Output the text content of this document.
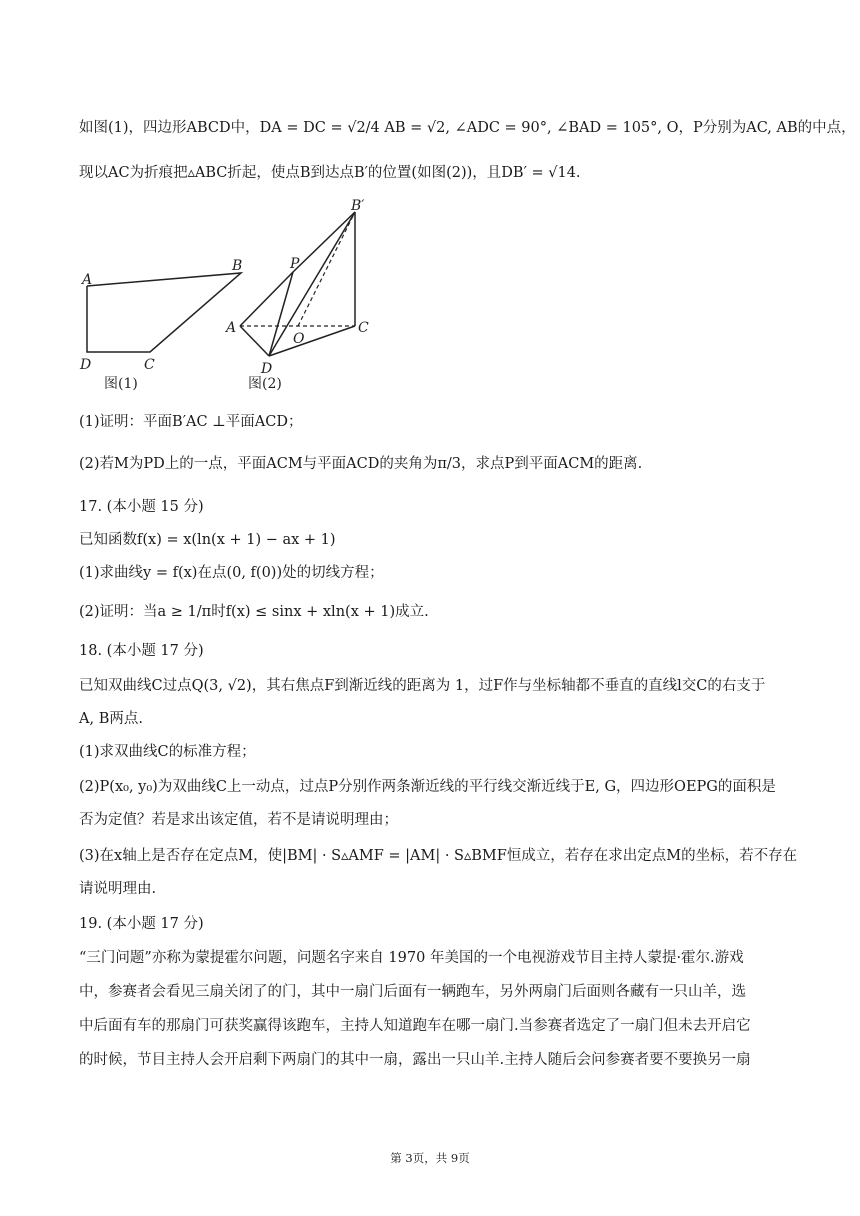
如图(1)，四边形ABCD中，DA = DC = √2/4 AB = √2, ∠ADC = 90°, ∠BAD = 105°, O，P分别为AC, AB的中点，
现以AC为折痕把▵ABC折起，使点B到达点B′的位置(如图(2))，且DB′ = √14.
A
B
C
D
B′
P
A
O
C
D
图(1)	图(2)
(1)证明：平面B′AC ⊥平面ACD；
(2)若M为PD上的一点，平面ACM与平面ACD的夹角为π/3，求点P到平面ACM的距离.
17. (本小题 15 分)
已知函数f(x) = x(ln(x + 1) − ax + 1)
(1)求曲线y = f(x)在点(0, f(0))处的切线方程；
(2)证明：当a ≥ 1/π时f(x) ≤ sinx + xln(x + 1)成立.
18. (本小题 17 分)
已知双曲线C过点Q(3, √2)，其右焦点F到渐近线的距离为 1，过F作与坐标轴都不垂直的直线l交C的右支于
A, B两点.
(1)求双曲线C的标准方程；
(2)P(x₀, y₀)为双曲线C上一动点，过点P分别作两条渐近线的平行线交渐近线于E, G，四边形OEPG的面积是
否为定值？若是求出该定值，若不是请说明理由；
(3)在x轴上是否存在定点M，使|BM| · S▵AMF = |AM| · S▵BMF恒成立，若存在求出定点M的坐标，若不存在
请说明理由.
19. (本小题 17 分)
“三门问题”亦称为蒙提霍尔问题，问题名字来自 1970 年美国的一个电视游戏节目主持人蒙提·霍尔.游戏
中，参赛者会看见三扇关闭了的门，其中一扇门后面有一辆跑车，另外两扇门后面则各藏有一只山羊，选
中后面有车的那扇门可获奖赢得该跑车，主持人知道跑车在哪一扇门.当参赛者选定了一扇门但未去开启它
的时候，节目主持人会开启剩下两扇门的其中一扇，露出一只山羊.主持人随后会问参赛者要不要换另一扇
第 3页，共 9页
